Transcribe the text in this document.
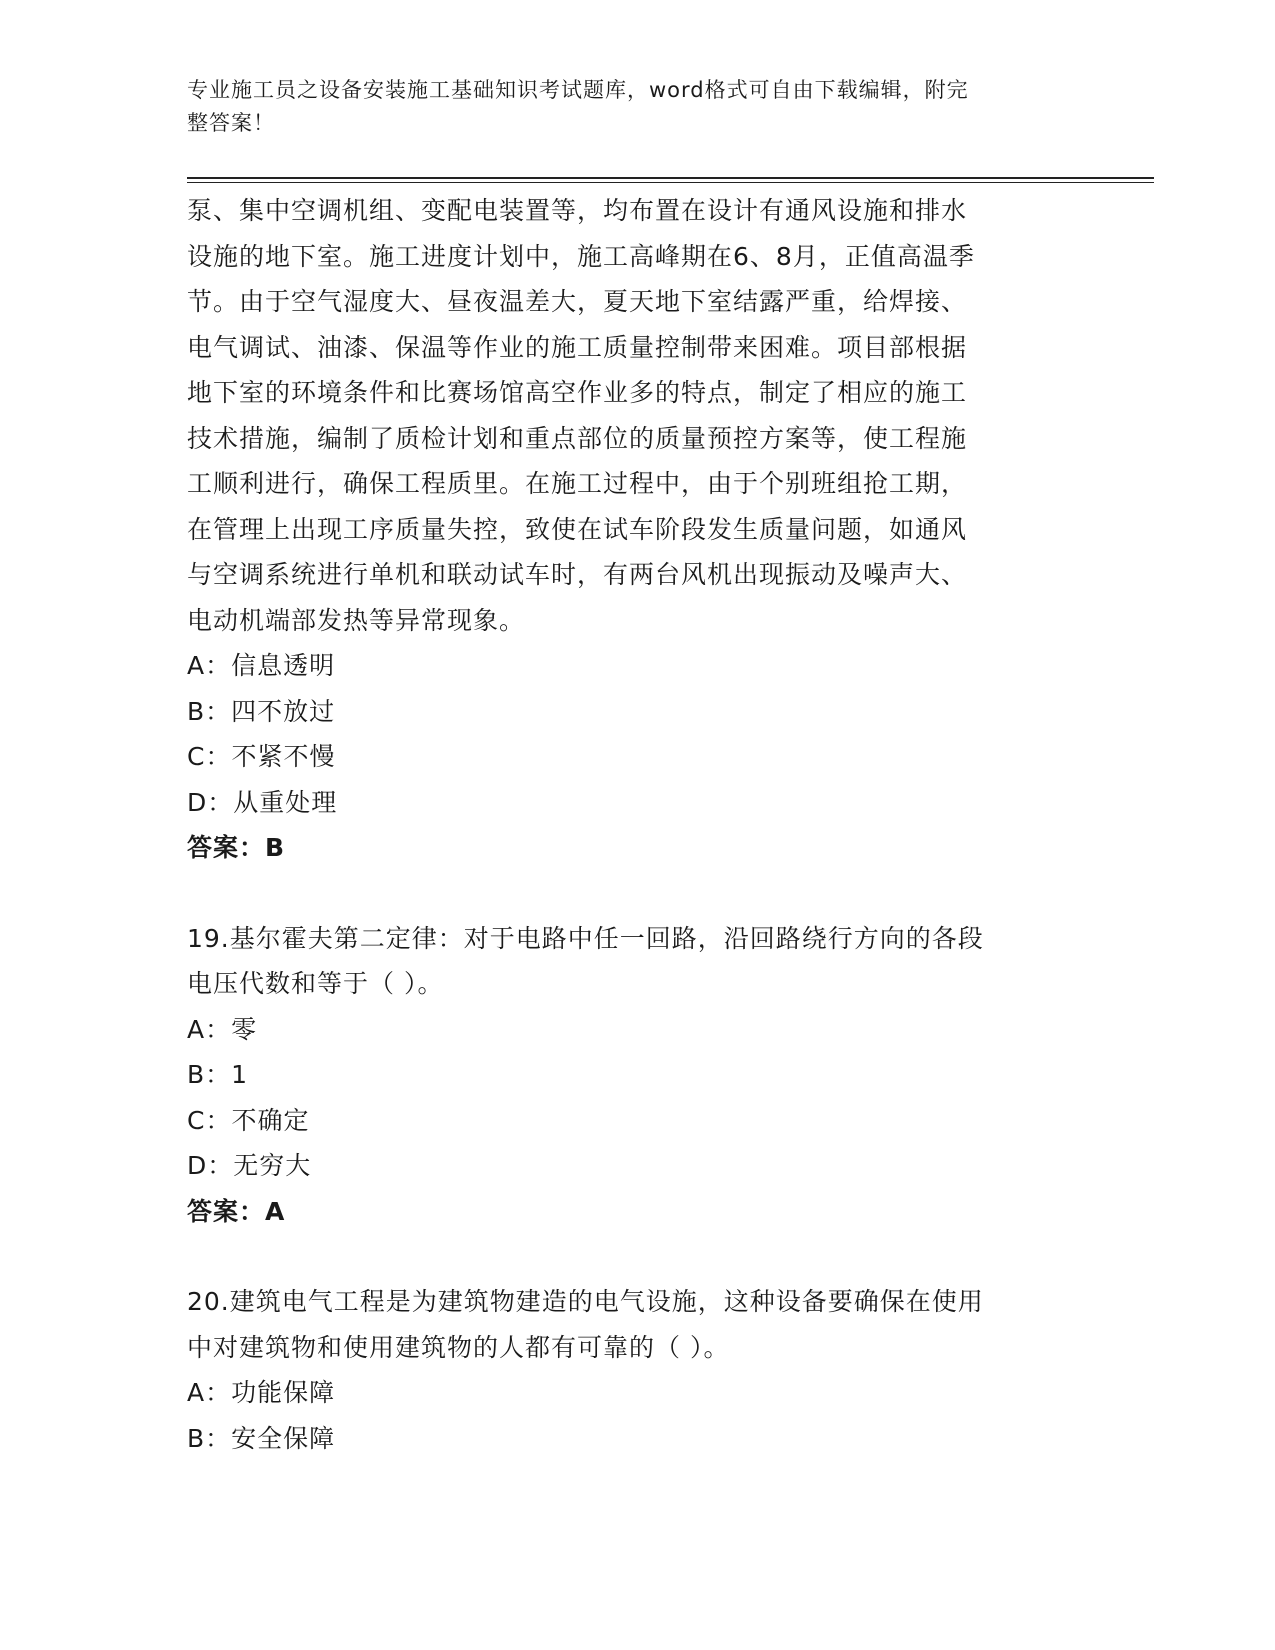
专业施工员之设备安装施工基础知识考试题库，word格式可自由下载编辑，附完
整答案！
泵、集中空调机组、变配电装置等，均布置在设计有通风设施和排水
设施的地下室。施工进度计划中，施工高峰期在6、8月，正值高温季
节。由于空气湿度大、昼夜温差大，夏天地下室结露严重，给焊接、
电气调试、油漆、保温等作业的施工质量控制带来困难。项目部根据
地下室的环境条件和比赛场馆高空作业多的特点，制定了相应的施工
技术措施，编制了质检计划和重点部位的质量预控方案等，使工程施
工顺利进行，确保工程质里。在施工过程中，由于个别班组抢工期，
在管理上出现工序质量失控，致使在试车阶段发生质量问题，如通风
与空调系统进行单机和联动试车时，有两台风机出现振动及噪声大、
电动机端部发热等异常现象。
A：信息透明
B：四不放过
C：不紧不慢
D：从重处理
答案：B
19.基尔霍夫第二定律：对于电路中任一回路，沿回路绕行方向的各段
电压代数和等于（ ）。
A：零
B：1
C：不确定
D：无穷大
答案：A
20.建筑电气工程是为建筑物建造的电气设施，这种设备要确保在使用
中对建筑物和使用建筑物的人都有可靠的（ ）。
A：功能保障
B：安全保障
